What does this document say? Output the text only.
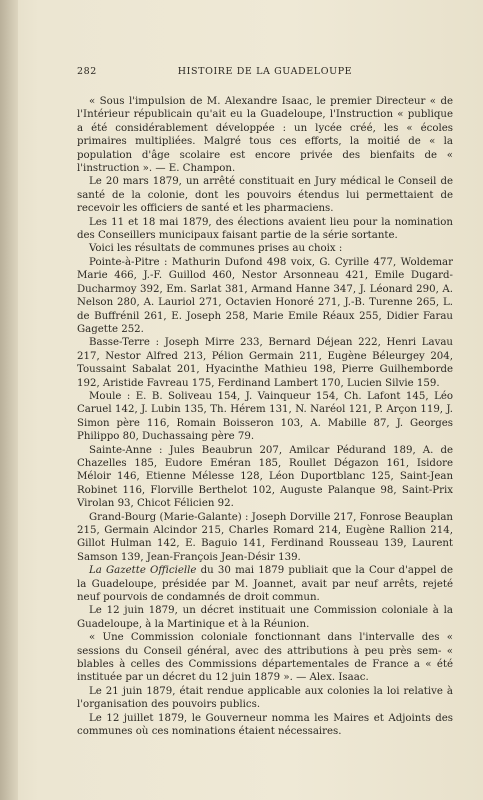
282	HISTOIRE DE LA GUADELOUPE

« Sous l'impulsion de M. Alexandre Isaac, le premier Directeur « de l'Intérieur républicain qu'ait eu la Guadeloupe, l'Instruction « publique a été considérablement développée : un lycée créé, les « écoles primaires multipliées. Malgré tous ces efforts, la moitié de « la population d'âge scolaire est encore privée des bienfaits de « l'instruction ». — E. Champon.

Le 20 mars 1879, un arrêté constituait en Jury médical le Conseil de santé de la colonie, dont les pouvoirs étendus lui permettaient de recevoir les officiers de santé et les pharmaciens.

Les 11 et 18 mai 1879, des élections avaient lieu pour la nomination des Conseillers municipaux faisant partie de la série sortante.

Voici les résultats de communes prises au choix :

Pointe-à-Pitre : Mathurin Dufond 498 voix, G. Cyrille 477, Woldemar Marie 466, J.-F. Guillod 460, Nestor Arsonneau 421, Emile Dugard-Ducharmoy 392, Em. Sarlat 381, Armand Hanne 347, J. Léonard 290, A. Nelson 280, A. Lauriol 271, Octavien Honoré 271, J.-B. Turenne 265, L. de Buffrénil 261, E. Joseph 258, Marie Emile Réaux 255, Didier Farau Gagette 252.

Basse-Terre : Joseph Mirre 233, Bernard Déjean 222, Henri Lavau 217, Nestor Alfred 213, Pélion Germain 211, Eugène Béleurgey 204, Toussaint Sabalat 201, Hyacinthe Mathieu 198, Pierre Guilhemborde 192, Aristide Favreau 175, Ferdinand Lambert 170, Lucien Silvie 159.

Moule : E. B. Soliveau 154, J. Vainqueur 154, Ch. Lafont 145, Léo Caruel 142, J. Lubin 135, Th. Hérem 131, N. Naréol 121, P. Arçon 119, J. Simon père 116, Romain Boisseron 103, A. Mabille 87, J. Georges Philippo 80, Duchassaing père 79.

Sainte-Anne : Jules Beaubrun 207, Amilcar Pédurand 189, A. de Chazelles 185, Eudore Eméran 185, Roullet Dégazon 161, Isidore Méloir 146, Etienne Mélesse 128, Léon Duportblanc 125, Saint-Jean Robinet 116, Florville Berthelot 102, Auguste Palanque 98, Saint-Prix Virolan 93, Chicot Félicien 92.

Grand-Bourg (Marie-Galante) : Joseph Dorville 217, Fonrose Beauplan 215, Germain Alcindor 215, Charles Romard 214, Eugène Rallion 214, Gillot Hulman 142, E. Baguio 141, Ferdinand Rousseau 139, Laurent Samson 139, Jean-François Jean-Désir 139.

La Gazette Officielle du 30 mai 1879 publiait que la Cour d'appel de la Guadeloupe, présidée par M. Joannet, avait par neuf arrêts, rejeté neuf pourvois de condamnés de droit commun.

Le 12 juin 1879, un décret instituait une Commission coloniale à la Guadeloupe, à la Martinique et à la Réunion.

« Une Commission coloniale fonctionnant dans l'intervalle des « sessions du Conseil général, avec des attributions à peu près sem- « blables à celles des Commissions départementales de France a « été instituée par un décret du 12 juin 1879 ». — Alex. Isaac.

Le 21 juin 1879, était rendue applicable aux colonies la loi relative à l'organisation des pouvoirs publics.

Le 12 juillet 1879, le Gouverneur nomma les Maires et Adjoints des communes où ces nominations étaient nécessaires.
